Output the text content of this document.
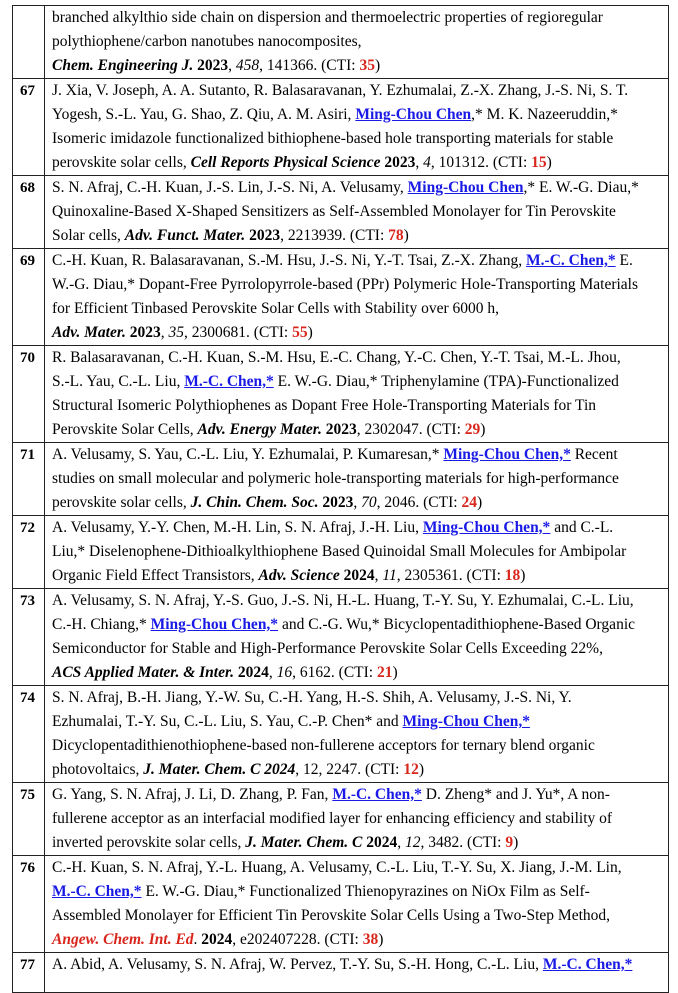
	branched alkylthio side chain on dispersion and thermoelectric properties of regioregular
polythiophene/carbon nanotubes nanocomposites,
Chem. Engineering J. 2023, 458, 141366. (CTI: 35)

67	J. Xia, V. Joseph, A. A. Sutanto, R. Balasaravanan, Y. Ezhumalai, Z.-X. Zhang, J.-S. Ni, S. T.
Yogesh, S.-L. Yau, G. Shao, Z. Qiu, A. M. Asiri, Ming-Chou Chen,* M. K. Nazeeruddin,*
Isomeric imidazole functionalized bithiophene-based hole transporting materials for stable
perovskite solar cells, Cell Reports Physical Science 2023, 4, 101312. (CTI: 15)

68	S. N. Afraj, C.-H. Kuan, J.-S. Lin, J.-S. Ni, A. Velusamy, Ming-Chou Chen,* E. W.-G. Diau,*
Quinoxaline-Based X-Shaped Sensitizers as Self-Assembled Monolayer for Tin Perovskite
Solar cells, Adv. Funct. Mater. 2023, 2213939. (CTI: 78)

69	C.-H. Kuan, R. Balasaravanan, S.-M. Hsu, J.-S. Ni, Y.-T. Tsai, Z.-X. Zhang, M.-C. Chen,* E.
W.-G. Diau,* Dopant-Free Pyrrolopyrrole-based (PPr) Polymeric Hole-Transporting Materials
for Efficient Tinbased Perovskite Solar Cells with Stability over 6000 h,
Adv. Mater. 2023, 35, 2300681. (CTI: 55)

70	R. Balasaravanan, C.-H. Kuan, S.-M. Hsu, E.-C. Chang, Y.-C. Chen, Y.-T. Tsai, M.-L. Jhou,
S.-L. Yau, C.-L. Liu, M.-C. Chen,* E. W.-G. Diau,* Triphenylamine (TPA)-Functionalized
Structural Isomeric Polythiophenes as Dopant Free Hole-Transporting Materials for Tin
Perovskite Solar Cells, Adv. Energy Mater. 2023, 2302047. (CTI: 29)

71	A. Velusamy, S. Yau, C.-L. Liu, Y. Ezhumalai, P. Kumaresan,* Ming-Chou Chen,* Recent
studies on small molecular and polymeric hole-transporting materials for high-performance
perovskite solar cells, J. Chin. Chem. Soc. 2023, 70, 2046. (CTI: 24)

72	A. Velusamy, Y.-Y. Chen, M.-H. Lin, S. N. Afraj, J.-H. Liu, Ming-Chou Chen,* and C.-L.
Liu,* Diselenophene-Dithioalkylthiophene Based Quinoidal Small Molecules for Ambipolar
Organic Field Effect Transistors, Adv. Science 2024, 11, 2305361. (CTI: 18)

73	A. Velusamy, S. N. Afraj, Y.-S. Guo, J.-S. Ni, H.-L. Huang, T.-Y. Su, Y. Ezhumalai, C.-L. Liu,
C.-H. Chiang,* Ming-Chou Chen,* and C.-G. Wu,* Bicyclopentadithiophene-Based Organic
Semiconductor for Stable and High-Performance Perovskite Solar Cells Exceeding 22%,
ACS Applied Mater. & Inter. 2024, 16, 6162. (CTI: 21)

74	S. N. Afraj, B.-H. Jiang, Y.-W. Su, C.-H. Yang, H.-S. Shih, A. Velusamy, J.-S. Ni, Y.
Ezhumalai, T.-Y. Su, C.-L. Liu, S. Yau, C.-P. Chen* and Ming-Chou Chen,*
Dicyclopentadithienothiophene-based non-fullerene acceptors for ternary blend organic
photovoltaics, J. Mater. Chem. C 2024, 12, 2247. (CTI: 12)

75	G. Yang, S. N. Afraj, J. Li, D. Zhang, P. Fan, M.-C. Chen,* D. Zheng* and J. Yu*, A non-
fullerene acceptor as an interfacial modified layer for enhancing efficiency and stability of
inverted perovskite solar cells, J. Mater. Chem. C 2024, 12, 3482. (CTI: 9)

76	C.-H. Kuan, S. N. Afraj, Y.-L. Huang, A. Velusamy, C.-L. Liu, T.-Y. Su, X. Jiang, J.-M. Lin,
M.-C. Chen,* E. W.-G. Diau,* Functionalized Thienopyrazines on NiOx Film as Self-
Assembled Monolayer for Efficient Tin Perovskite Solar Cells Using a Two-Step Method,
Angew. Chem. Int. Ed. 2024, e202407228. (CTI: 38)

77	A. Abid, A. Velusamy, S. N. Afraj, W. Pervez, T.-Y. Su, S.-H. Hong, C.-L. Liu, M.-C. Chen,*
